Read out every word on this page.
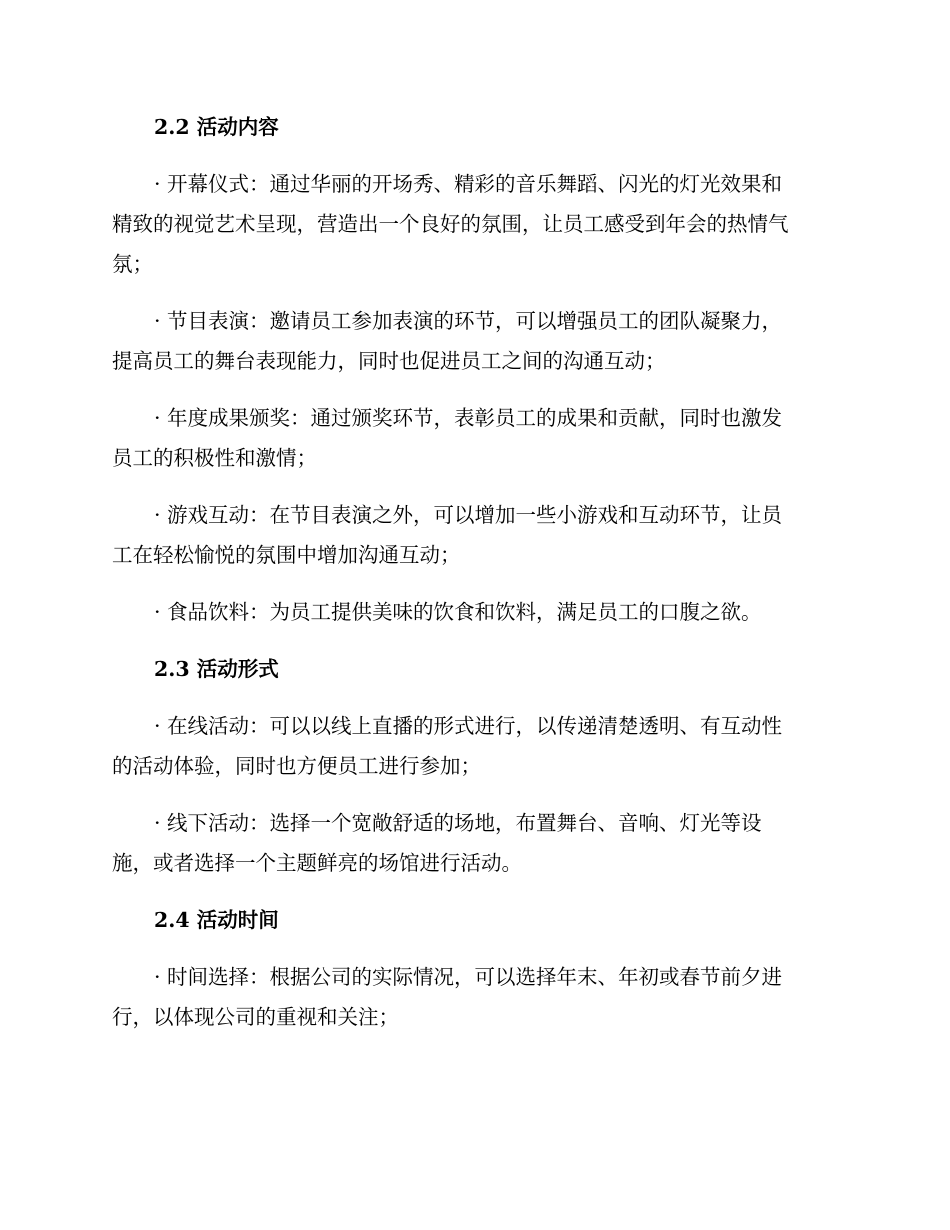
2.2 活动内容
· 开幕仪式：通过华丽的开场秀、精彩的音乐舞蹈、闪光的灯光效果和
精致的视觉艺术呈现，营造出一个良好的氛围，让员工感受到年会的热情气
氛；
· 节目表演：邀请员工参加表演的环节，可以增强员工的团队凝聚力，
提高员工的舞台表现能力，同时也促进员工之间的沟通互动；
· 年度成果颁奖：通过颁奖环节，表彰员工的成果和贡献，同时也激发
员工的积极性和激情；
· 游戏互动：在节目表演之外，可以增加一些小游戏和互动环节，让员
工在轻松愉悦的氛围中增加沟通互动；
· 食品饮料：为员工提供美味的饮食和饮料，满足员工的口腹之欲。
2.3 活动形式
· 在线活动：可以以线上直播的形式进行，以传递清楚透明、有互动性
的活动体验，同时也方便员工进行参加；
· 线下活动：选择一个宽敞舒适的场地，布置舞台、音响、灯光等设
施，或者选择一个主题鲜亮的场馆进行活动。
2.4 活动时间
· 时间选择：根据公司的实际情况，可以选择年末、年初或春节前夕进
行，以体现公司的重视和关注；
